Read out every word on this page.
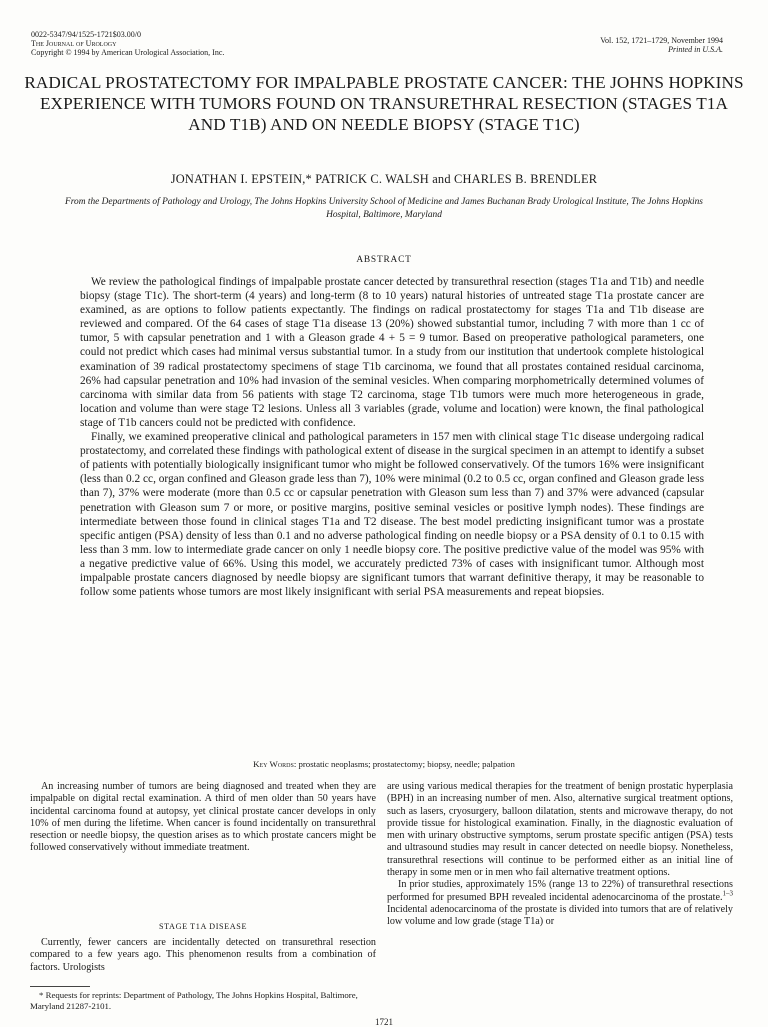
0022-5347/94/1525-1721$03.00/0
The Journal of Urology
Copyright © 1994 by American Urological Association, Inc.
Vol. 152, 1721–1729, November 1994
Printed in U.S.A.
RADICAL PROSTATECTOMY FOR IMPALPABLE PROSTATE CANCER: THE JOHNS HOPKINS EXPERIENCE WITH TUMORS FOUND ON TRANSURETHRAL RESECTION (STAGES T1A AND T1B) AND ON NEEDLE BIOPSY (STAGE T1C)
JONATHAN I. EPSTEIN,* PATRICK C. WALSH and CHARLES B. BRENDLER
From the Departments of Pathology and Urology, The Johns Hopkins University School of Medicine and James Buchanan Brady Urological Institute, The Johns Hopkins Hospital, Baltimore, Maryland
ABSTRACT

We review the pathological findings of impalpable prostate cancer detected by transurethral resection (stages T1a and T1b) and needle biopsy (stage T1c). The short-term (4 years) and long-term (8 to 10 years) natural histories of untreated stage T1a prostate cancer are examined, as are options to follow patients expectantly. The findings on radical prostatectomy for stages T1a and T1b disease are reviewed and compared. Of the 64 cases of stage T1a disease 13 (20%) showed substantial tumor, including 7 with more than 1 cc of tumor, 5 with capsular penetration and 1 with a Gleason grade 4 + 5 = 9 tumor. Based on preoperative pathological parameters, one could not predict which cases had minimal versus substantial tumor. In a study from our institution that undertook complete histological examination of 39 radical prostatectomy specimens of stage T1b carcinoma, we found that all prostates contained residual carcinoma, 26% had capsular penetration and 10% had invasion of the seminal vesicles. When comparing morphometrically determined volumes of carcinoma with similar data from 56 patients with stage T2 carcinoma, stage T1b tumors were much more heterogeneous in grade, location and volume than were stage T2 lesions. Unless all 3 variables (grade, volume and location) were known, the final pathological stage of T1b cancers could not be predicted with confidence.

Finally, we examined preoperative clinical and pathological parameters in 157 men with clinical stage T1c disease undergoing radical prostatectomy, and correlated these findings with pathological extent of disease in the surgical specimen in an attempt to identify a subset of patients with potentially biologically insignificant tumor who might be followed conservatively. Of the tumors 16% were insignificant (less than 0.2 cc, organ confined and Gleason grade less than 7), 10% were minimal (0.2 to 0.5 cc, organ confined and Gleason grade less than 7), 37% were moderate (more than 0.5 cc or capsular penetration with Gleason sum less than 7) and 37% were advanced (capsular penetration with Gleason sum 7 or more, or positive margins, positive seminal vesicles or positive lymph nodes). These findings are intermediate between those found in clinical stages T1a and T2 disease. The best model predicting insignificant tumor was a prostate specific antigen (PSA) density of less than 0.1 and no adverse pathological finding on needle biopsy or a PSA density of 0.1 to 0.15 with less than 3 mm. low to intermediate grade cancer on only 1 needle biopsy core. The positive predictive value of the model was 95% with a negative predictive value of 66%. Using this model, we accurately predicted 73% of cases with insignificant tumor. Although most impalpable prostate cancers diagnosed by needle biopsy are significant tumors that warrant definitive therapy, it may be reasonable to follow some patients whose tumors are most likely insignificant with serial PSA measurements and repeat biopsies.

Key Words: prostatic neoplasms; prostatectomy; biopsy, needle; palpation

An increasing number of tumors are being diagnosed and treated when they are impalpable on digital rectal examination. A third of men older than 50 years have incidental carcinoma found at autopsy, yet clinical prostate cancer develops in only 10% of men during the lifetime. When cancer is found incidentally on transurethral resection or needle biopsy, the question arises as to which prostate cancers might be followed conservatively without immediate treatment.

STAGE T1A DISEASE

Currently, fewer cancers are incidentally detected on transurethral resection compared to a few years ago. This phenomenon results from a combination of factors. Urologists

are using various medical therapies for the treatment of benign prostatic hyperplasia (BPH) in an increasing number of men. Also, alternative surgical treatment options, such as lasers, cryosurgery, balloon dilatation, stents and microwave therapy, do not provide tissue for histological examination. Finally, in the diagnostic evaluation of men with urinary obstructive symptoms, serum prostate specific antigen (PSA) tests and ultrasound studies may result in cancer detected on needle biopsy. Nonetheless, transurethral resections will continue to be performed either as an initial line of therapy in some men or in men who fail alternative treatment options.

In prior studies, approximately 15% (range 13 to 22%) of transurethral resections performed for presumed BPH revealed incidental adenocarcinoma of the prostate.$^{1-3}$ Incidental adenocarcinoma of the prostate is divided into tumors that are of relatively low volume and low grade (stage T1a) or

* Requests for reprints: Department of Pathology, The Johns Hopkins Hospital, Baltimore, Maryland 21287-2101.

1721
